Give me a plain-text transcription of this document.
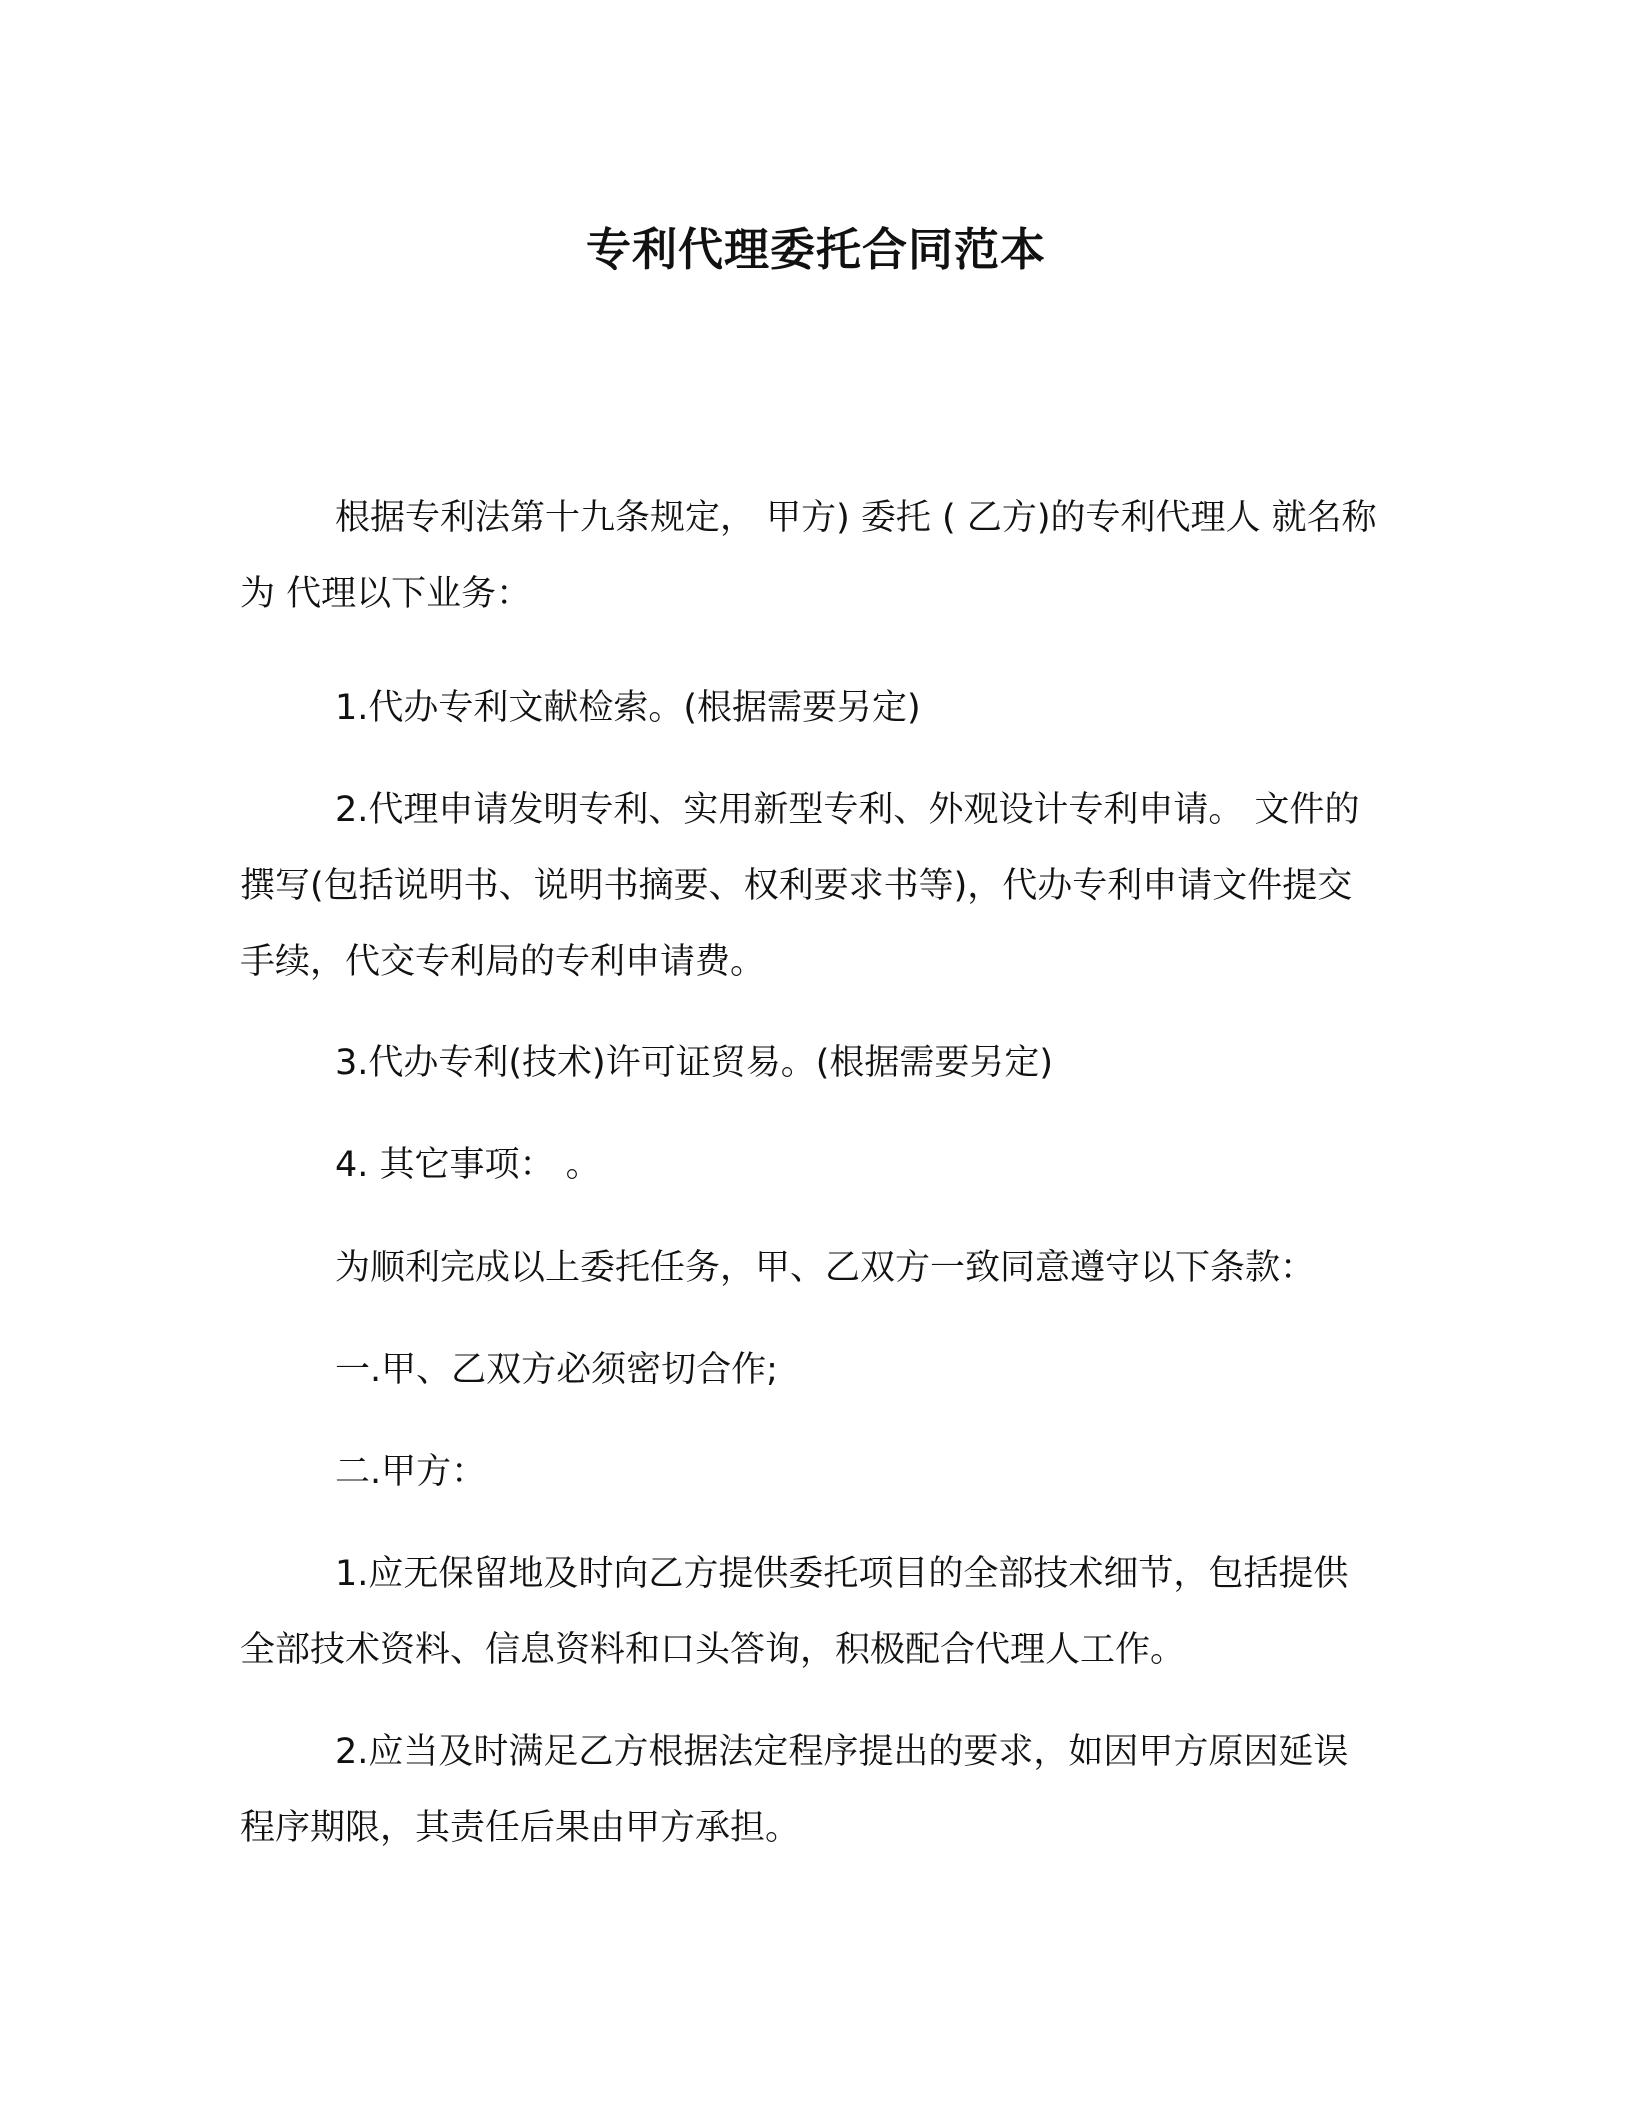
专利代理委托合同范本

根据专利法第十九条规定， 甲方) 委托 ( 乙方)的专利代理人 就名称为 代理以下业务：

1.代办专利文献检索。(根据需要另定)

2.代理申请发明专利、实用新型专利、外观设计专利申请。 文件的撰写(包括说明书、说明书摘要、权利要求书等)，代办专利申请文件提交手续，代交专利局的专利申请费。

3.代办专利(技术)许可证贸易。(根据需要另定)

4. 其它事项： 。

为顺利完成以上委托任务，甲、乙双方一致同意遵守以下条款：

一.甲、乙双方必须密切合作;

二.甲方：

1.应无保留地及时向乙方提供委托项目的全部技术细节，包括提供全部技术资料、信息资料和口头答询，积极配合代理人工作。

2.应当及时满足乙方根据法定程序提出的要求，如因甲方原因延误程序期限，其责任后果由甲方承担。
